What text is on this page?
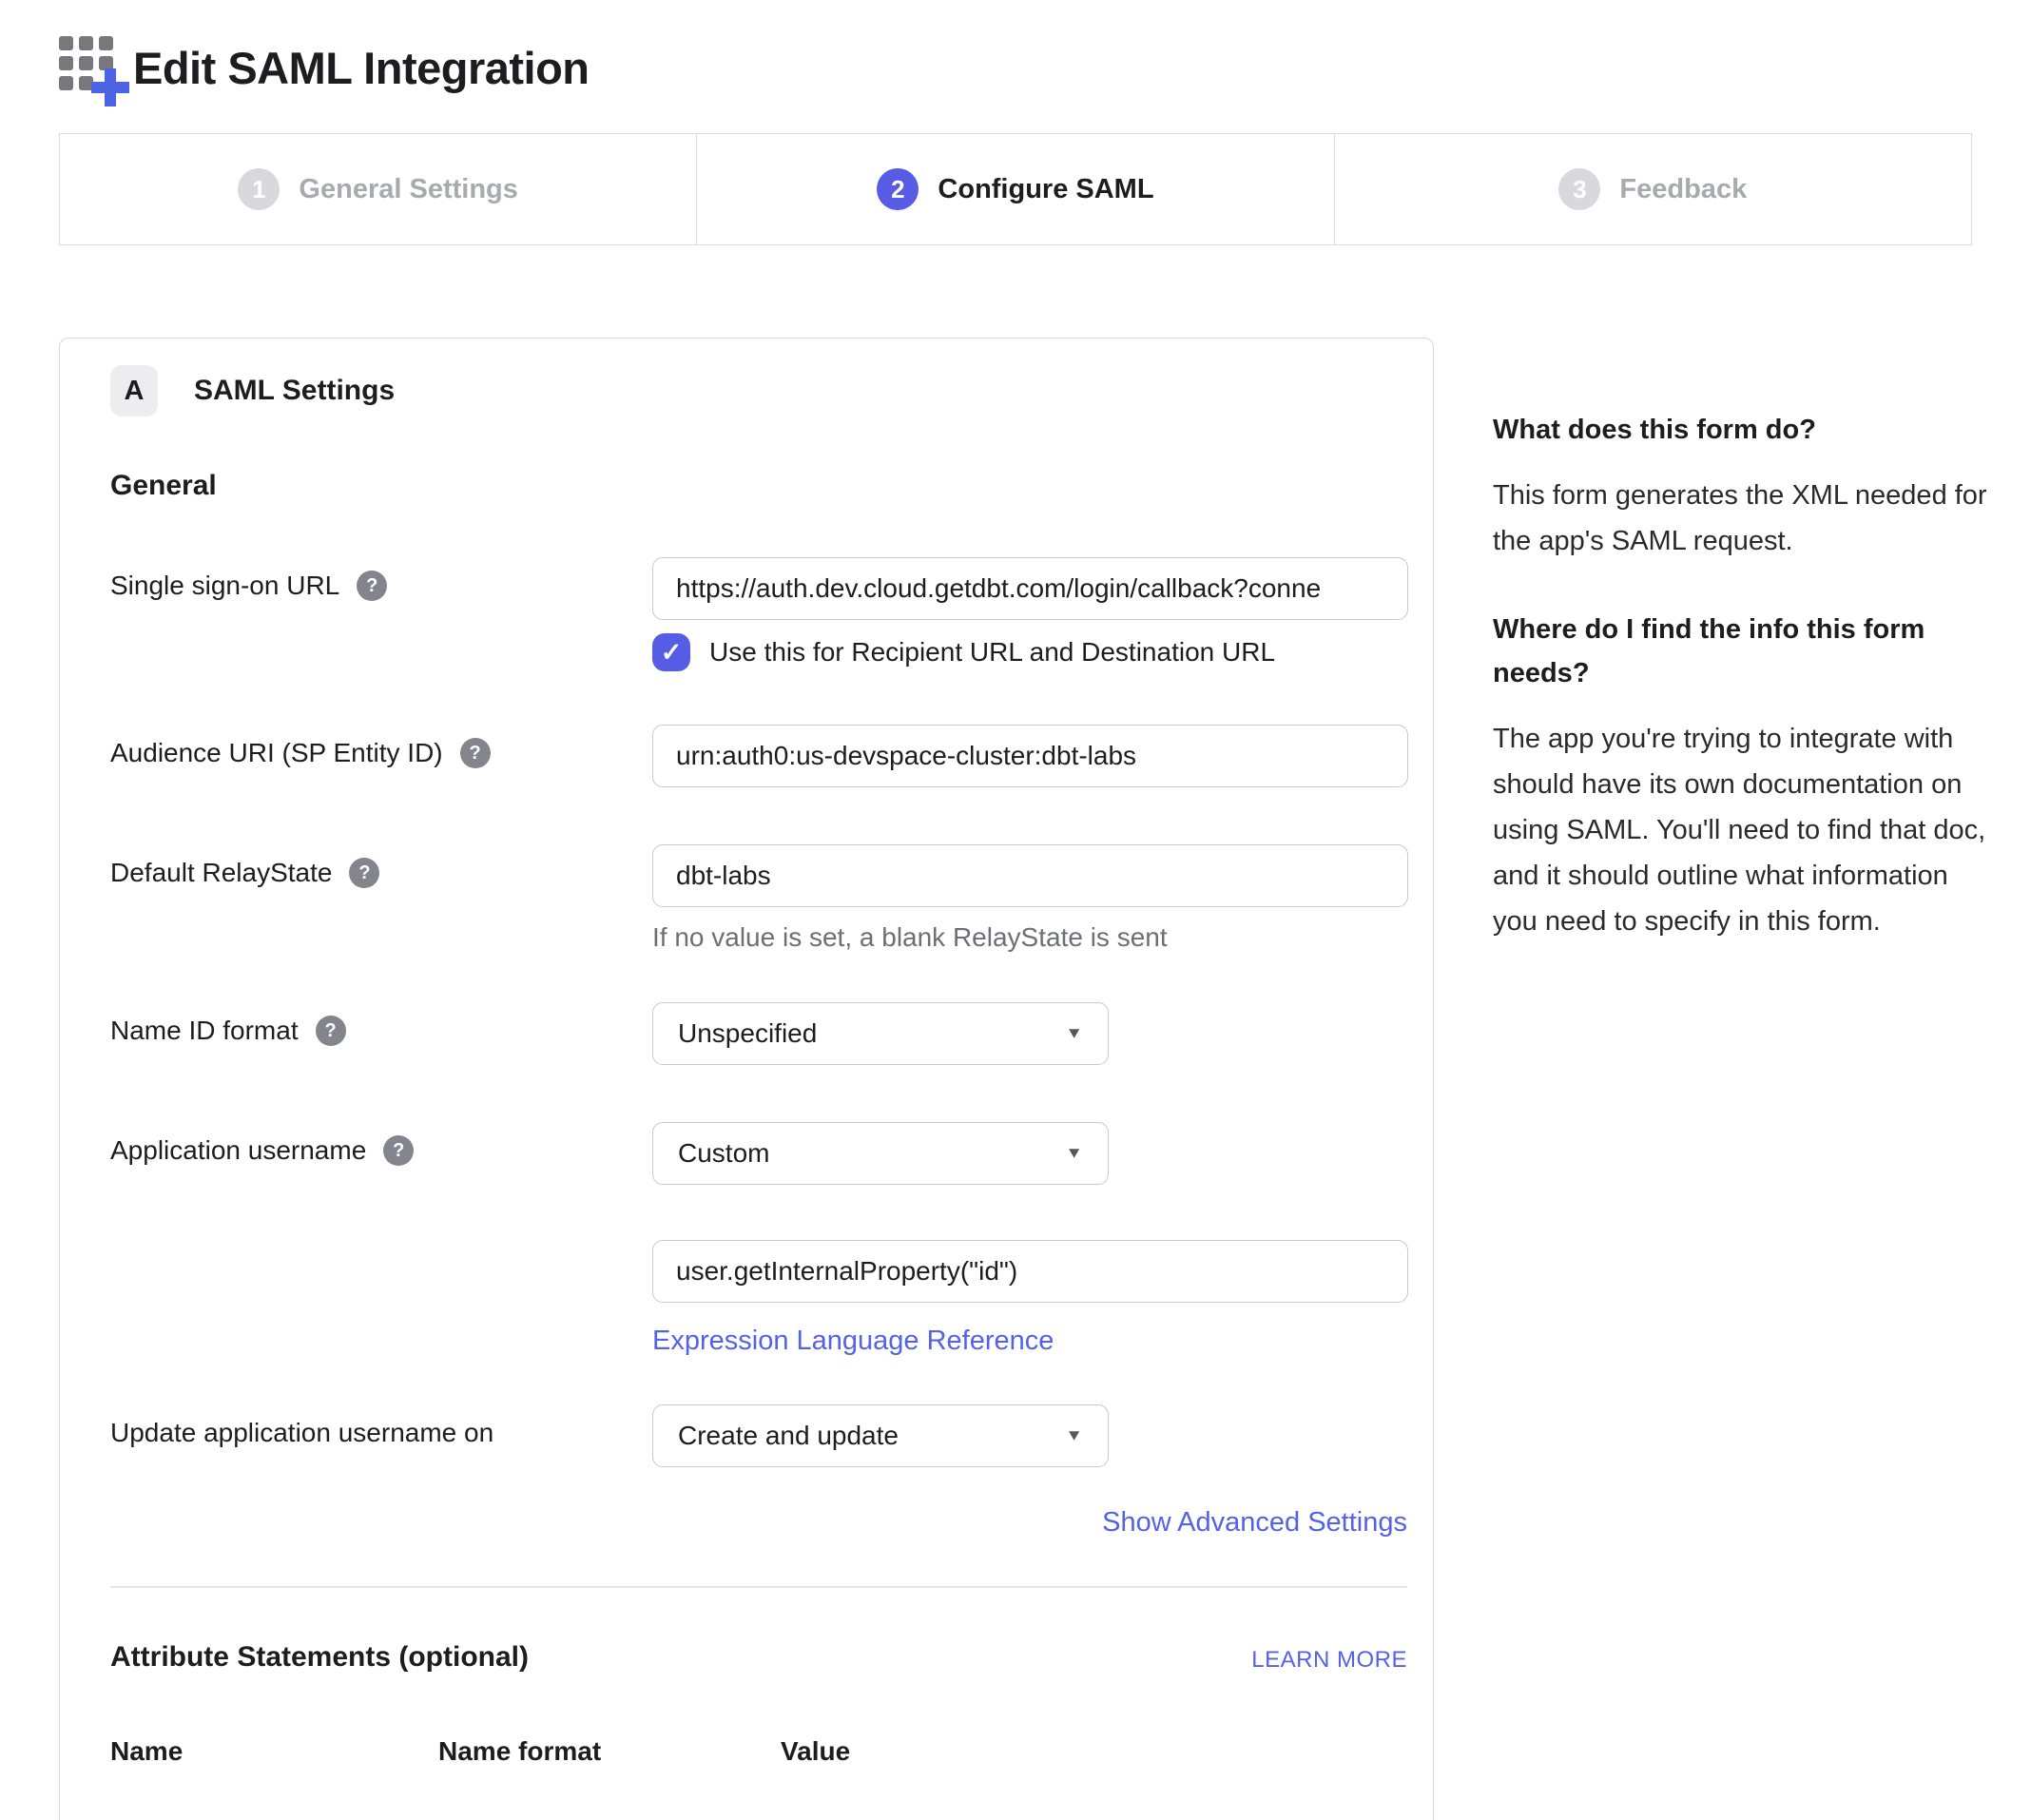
Edit SAML Integration
1	General Settings	2	Configure SAML	3	Feedback
A	SAML Settings
General
Single sign-on URL	?
https://auth.dev.cloud.getdbt.com/login/callback?conne
✓	Use this for Recipient URL and Destination URL
Audience URI (SP Entity ID)	?
urn:auth0:us-devspace-cluster:dbt-labs
Default RelayState	?
dbt-labs
If no value is set, a blank RelayState is sent
Name ID format	?	Unspecified	▼
Application username	?	Custom	▼
user.getInternalProperty("id") Expression Language Reference
Update application username on	Create and update	▼
Show Advanced Settings
Attribute Statements (optional)	LEARN MORE
Name	Name format	Value
What does this form do?
This form generates the XML needed for the app's SAML request.
Where do I find the info this form needs?
The app you're trying to integrate with should have its own documentation on using SAML. You'll need to find that doc, and it should outline what information you need to specify in this form.
